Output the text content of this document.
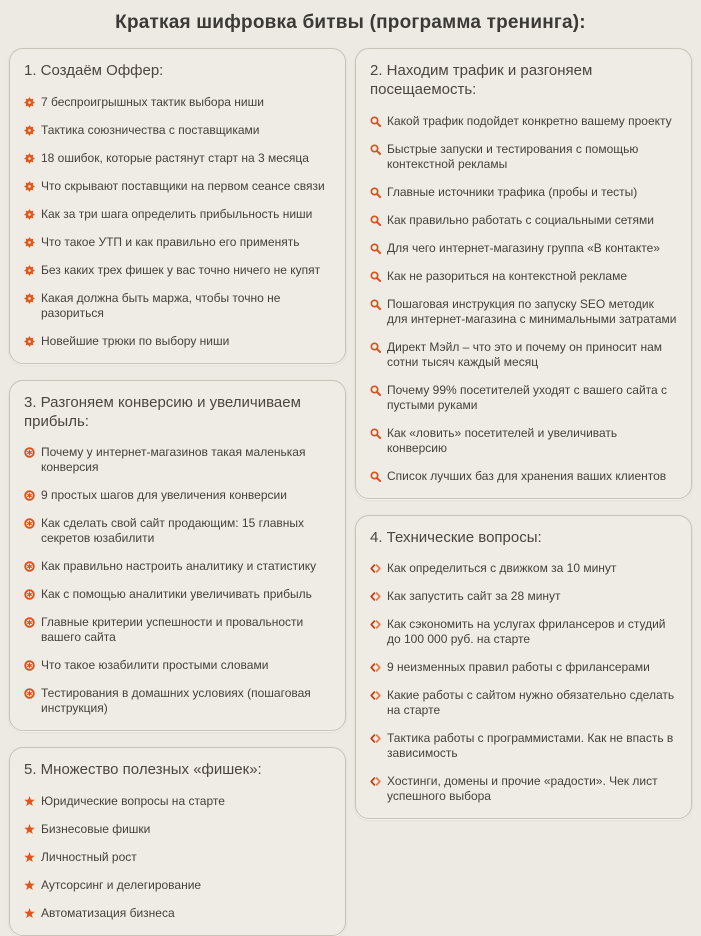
Краткая шифровка битвы (программа тренинга):
1. Создаём Оффер:
7 беспроигрышных тактик выбора ниши
Тактика союзничества с поставщиками
18 ошибок, которые растянут старт на 3 месяца
Что скрывают поставщики на первом сеансе связи
Как за три шага определить прибыльность ниши
Что такое УТП и как правильно его применять
Без каких трех фишек у вас точно ничего не купят
Какая должна быть маржа, чтобы точно не разориться
Новейшие трюки по выбору ниши
3. Разгоняем конверсию и увеличиваем прибыль:
Почему у интернет-магазинов такая маленькая конверсия
9 простых шагов для увеличения конверсии
Как сделать свой сайт продающим: 15 главных секретов юзабилити
Как правильно настроить аналитику и статистику
Как с помощью аналитики увеличивать прибыль
Главные критерии успешности и провальности вашего сайта
Что такое юзабилити простыми словами
Тестирования в домашних условиях (пошаговая инструкция)
5. Множество полезных «фишек»:
Юридические вопросы на старте
Бизнесовые фишки
Личностный рост
Аутсорсинг и делегирование
Автоматизация бизнеса
2. Находим трафик и разгоняем посещаемость:
Какой трафик подойдет конкретно вашему проекту
Быстрые запуски и тестирования с помощью контекстной рекламы
Главные источники трафика (пробы и тесты)
Как правильно работать с социальными сетями
Для чего интернет-магазину группа «В контакте»
Как не разориться на контекстной рекламе
Пошаговая инструкция по запуску SEO методик для интернет-магазина с минимальными затратами
Директ Мэйл – что это и почему он приносит нам сотни тысяч каждый месяц
Почему 99% посетителей уходят с вашего сайта с пустыми руками
Как «ловить» посетителей и увеличивать конверсию
Список лучших баз для хранения ваших клиентов
4. Технические вопросы:
Как определиться с движком за 10 минут
Как запустить сайт за 28 минут
Как сэкономить на услугах фрилансеров и студий до 100 000 руб. на старте
9 неизменных правил работы с фрилансерами
Какие работы с сайтом нужно обязательно сделать на старте
Тактика работы с программистами. Как не впасть в зависимость
Хостинги, домены и прочие «радости». Чек лист успешного выбора
